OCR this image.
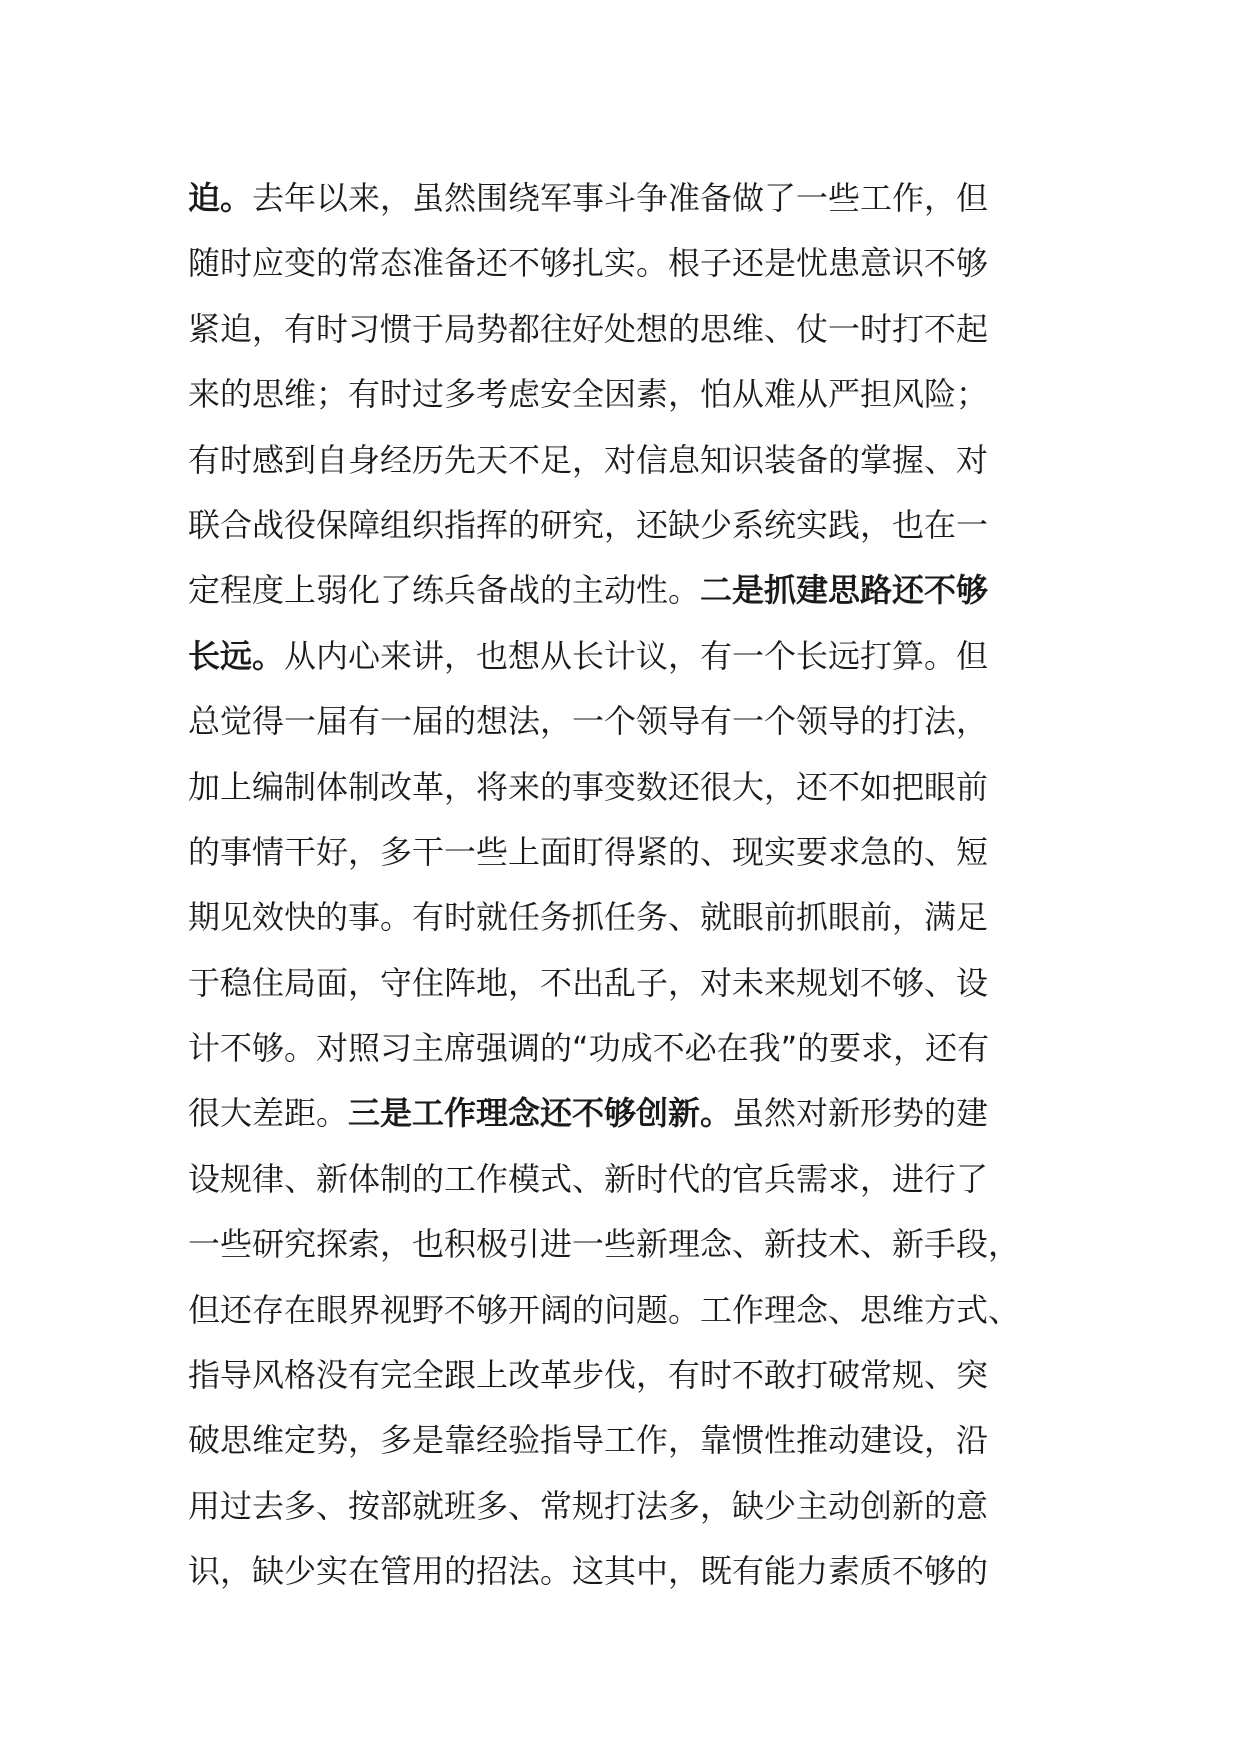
迫。去年以来，虽然围绕军事斗争准备做了一些工作，但
随时应变的常态准备还不够扎实。根子还是忧患意识不够
紧迫，有时习惯于局势都往好处想的思维、仗一时打不起
来的思维；有时过多考虑安全因素，怕从难从严担风险；
有时感到自身经历先天不足，对信息知识装备的掌握、对
联合战役保障组织指挥的研究，还缺少系统实践，也在一
定程度上弱化了练兵备战的主动性。二是抓建思路还不够
长远。从内心来讲，也想从长计议，有一个长远打算。但
总觉得一届有一届的想法，一个领导有一个领导的打法，
加上编制体制改革，将来的事变数还很大，还不如把眼前
的事情干好，多干一些上面盯得紧的、现实要求急的、短
期见效快的事。有时就任务抓任务、就眼前抓眼前，满足
于稳住局面，守住阵地，不出乱子，对未来规划不够、设
计不够。对照习主席强调的“功成不必在我”的要求，还有
很大差距。三是工作理念还不够创新。虽然对新形势的建
设规律、新体制的工作模式、新时代的官兵需求，进行了
一些研究探索，也积极引进一些新理念、新技术、新手段，
但还存在眼界视野不够开阔的问题。工作理念、思维方式、
指导风格没有完全跟上改革步伐，有时不敢打破常规、突
破思维定势，多是靠经验指导工作，靠惯性推动建设，沿
用过去多、按部就班多、常规打法多，缺少主动创新的意
识，缺少实在管用的招法。这其中，既有能力素质不够的
